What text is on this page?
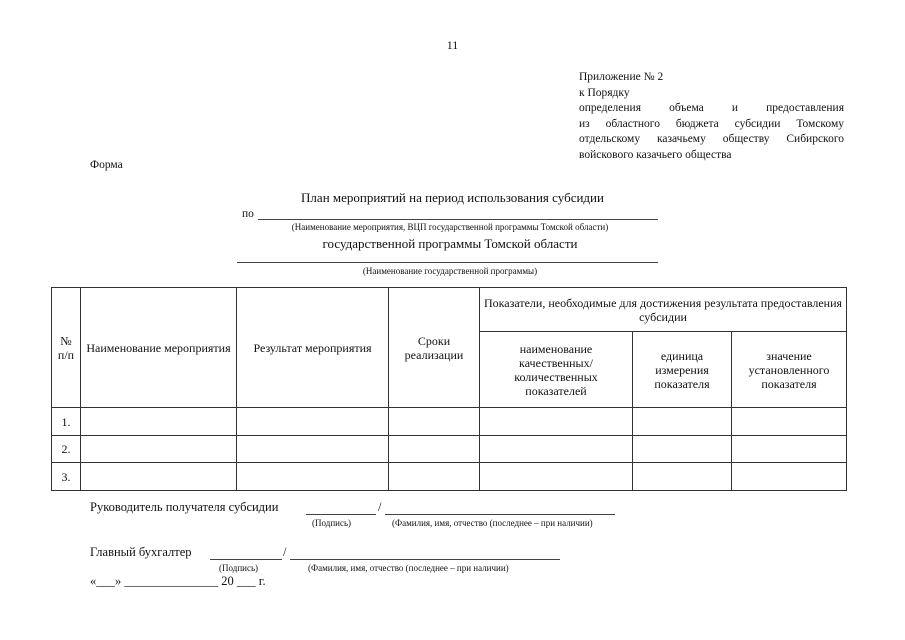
11
Приложение № 2
к Порядку
определения объема и предоставления
из областного бюджета субсидии Томскому
отдельскому казачьему обществу Сибирского
войскового казачьего общества
Форма
План мероприятий на период использования субсидии
по
(Наименование мероприятия, ВЦП государственной программы Томской области)
государственной программы Томской области
(Наименование государственной программы)
№ п/п	Наименование мероприятия	Результат мероприятия	Сроки реализации	Показатели, необходимые для достижения результата предоставления субсидии		
				наименование качественных/ количественных показателей	единица измерения показателя	значение установленного показателя
1.						
2.						
3.						
Руководитель получателя субсидии	/
(Подпись)	(Фамилия, имя, отчество (последнее – при наличии)
Главный бухгалтер	/
(Подпись)	(Фамилия, имя, отчество (последнее – при наличии)
«___» _______________ 20 ___ г.
